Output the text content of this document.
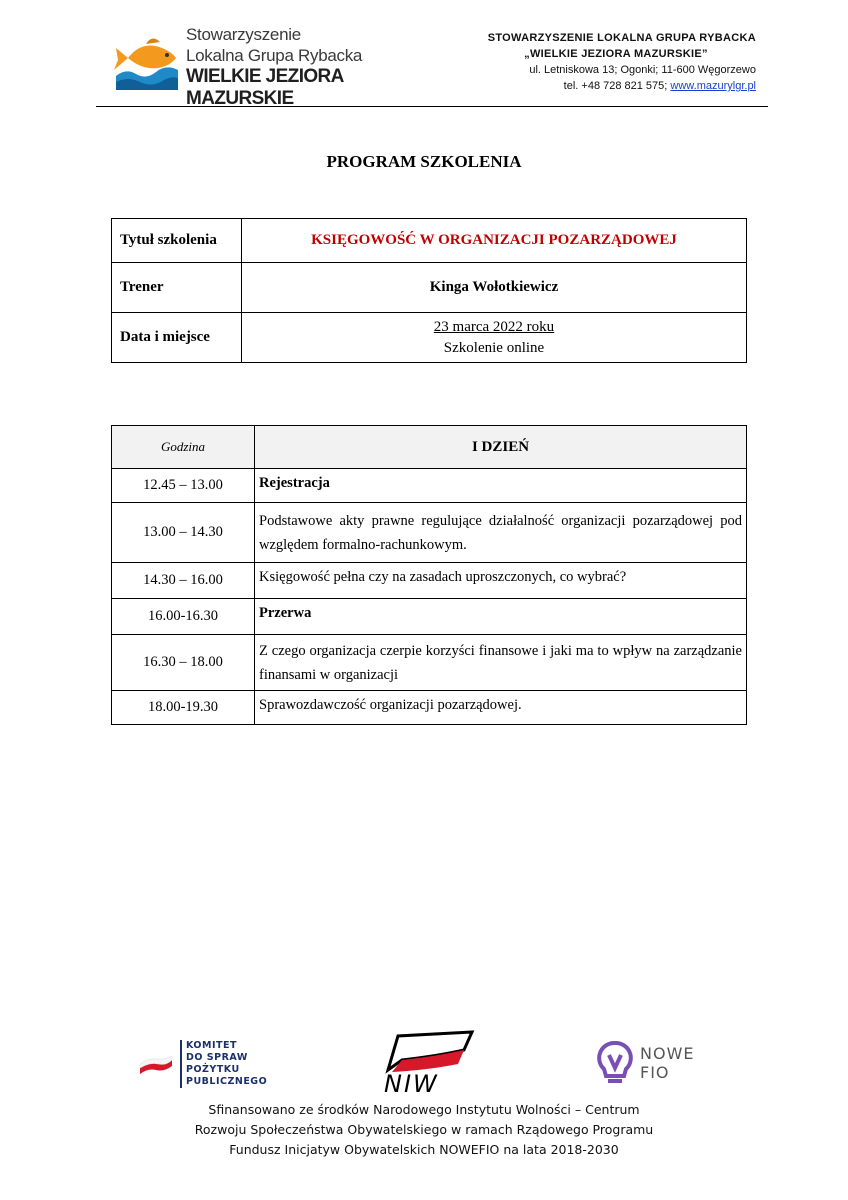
Stowarzyszenie
Lokalna Grupa Rybacka
WIELKIE JEZIORA MAZURSKIE
STOWARZYSZENIE LOKALNA GRUPA RYBACKA
„WIELKIE JEZIORA MAZURSKIE”
ul. Letniskowa 13; Ogonki; 11-600 Węgorzewo
tel. +48 728 821 575; www.mazurylgr.pl
PROGRAM SZKOLENIA
Tytuł szkolenia	KSIĘGOWOŚĆ W ORGANIZACJI POZARZĄDOWEJ
Trener	Kinga Wołotkiewicz
Data i miejsce	23 marca 2022 roku
Szkolenie online
Godzina	I DZIEŃ
12.45 – 13.00	Rejestracja
13.00 – 14.30	Podstawowe akty prawne regulujące działalność organizacji pozarządowej pod względem formalno-rachunkowym.
14.30 – 16.00	Księgowość pełna czy na zasadach uproszczonych, co wybrać?
16.00-16.30	Przerwa
16.30 – 18.00	Z czego organizacja czerpie korzyści finansowe i jaki ma to wpływ na zarządzanie finansami w organizacji
18.00-19.30	Sprawozdawczość organizacji pozarządowej.
KOMITET
DO SPRAW
POŻYTKU
PUBLICZNEGO	NIW
NOWE
FIO
Sfinansowano ze środków Narodowego Instytutu Wolności – Centrum
Rozwoju Społeczeństwa Obywatelskiego w ramach Rządowego Programu
Fundusz Inicjatyw Obywatelskich NOWEFIO na lata 2018-2030
